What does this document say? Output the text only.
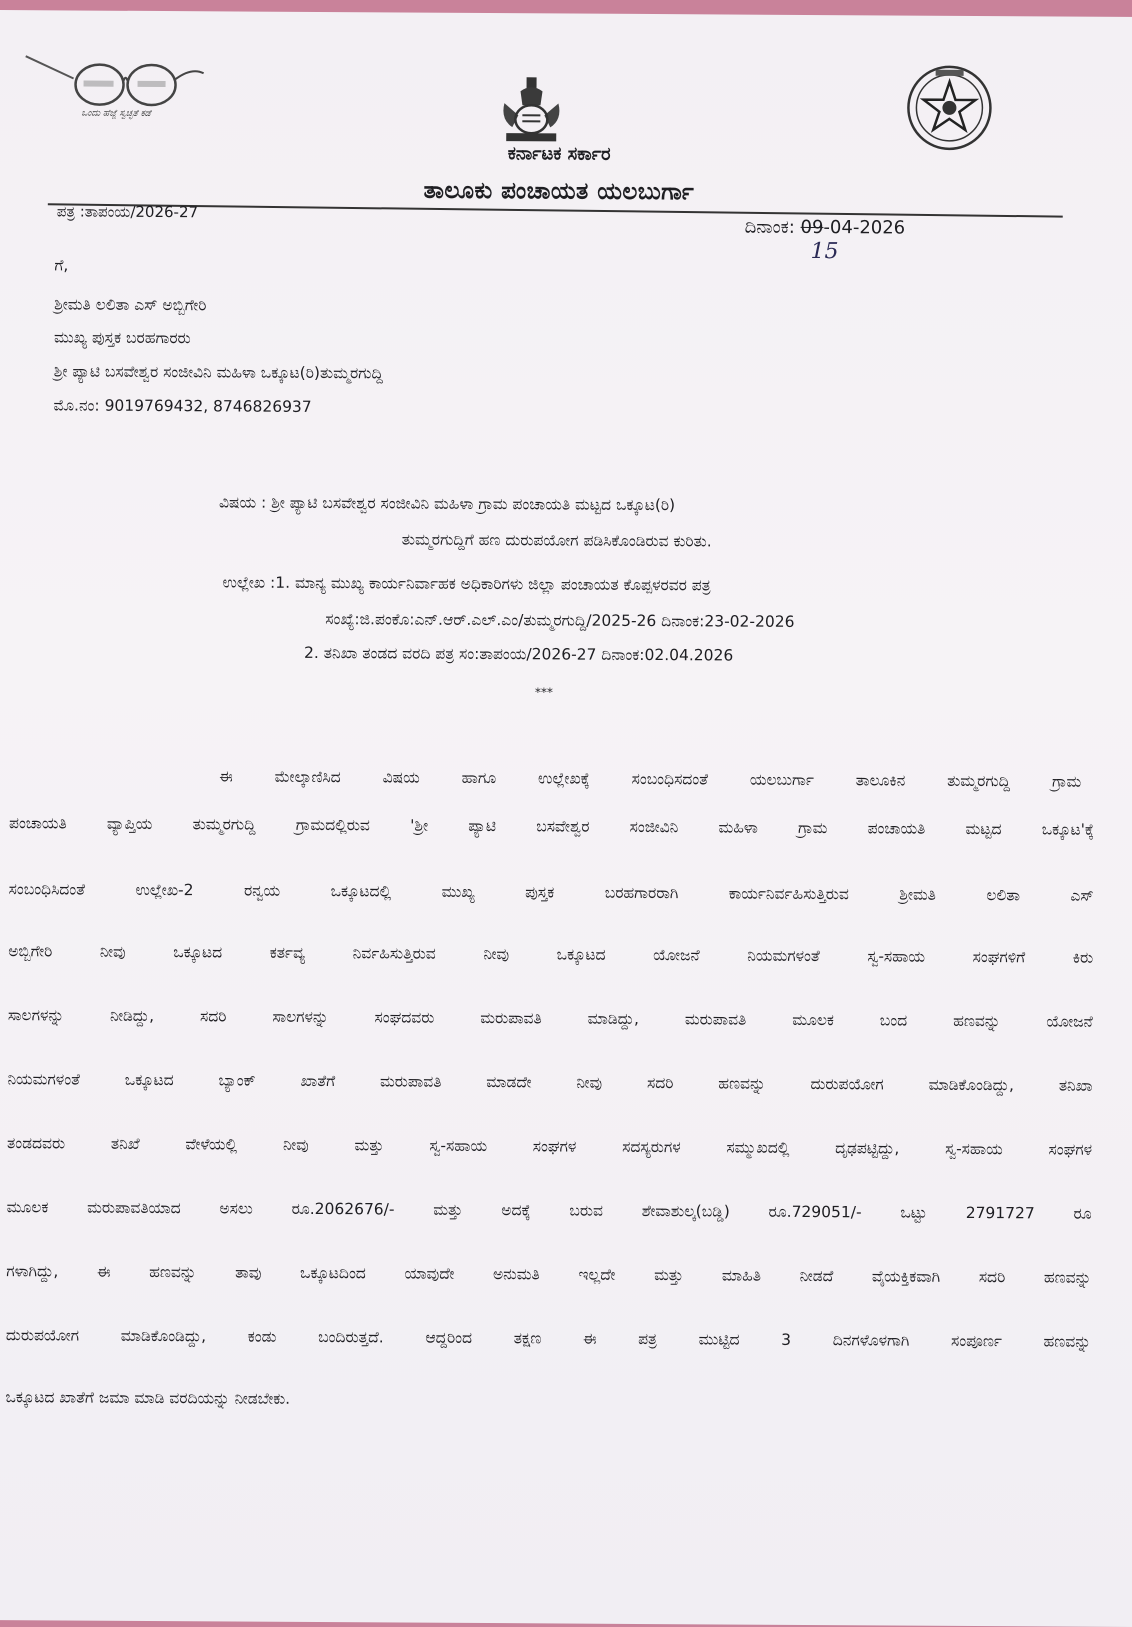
ಒಂದು ಹೆಜ್ಜೆ ಸ್ವಚ್ಛತೆ ಕಡೆ
ಕರ್ನಾಟಕ ಸರ್ಕಾರ
ತಾಲೂಕು ಪಂಚಾಯತ ಯಲಬುರ್ಗಾ
ಪತ್ರ :ತಾಪಂಯ/2026-27
ದಿನಾಂಕ: 09-04-2026
15
ಗೆ,
ಶ್ರೀಮತಿ ಲಲಿತಾ ಎಸ್ ಅಬ್ಬಿಗೇರಿ
ಮುಖ್ಯ ಪುಸ್ತಕ ಬರಹಗಾರರು
ಶ್ರೀ ಪ್ಯಾಟಿ ಬಸವೇಶ್ವರ ಸಂಜೀವಿನಿ ಮಹಿಳಾ ಒಕ್ಕೂಟ(ರಿ)ತುಮ್ಮರಗುದ್ದಿ
ಮೊ.ನಂ: 9019769432, 8746826937
ವಿಷಯ : ಶ್ರೀ ಪ್ಯಾಟಿ ಬಸವೇಶ್ವರ ಸಂಜೀವಿನಿ ಮಹಿಳಾ ಗ್ರಾಮ ಪಂಚಾಯತಿ ಮಟ್ಟದ ಒಕ್ಕೂಟ(ರಿ)
ತುಮ್ಮರಗುದ್ದಿಗೆ ಹಣ ದುರುಪಯೋಗ ಪಡಿಸಿಕೊಂಡಿರುವ ಕುರಿತು.
ಉಲ್ಲೇಖ :1. ಮಾನ್ಯ ಮುಖ್ಯ ಕಾರ್ಯನಿರ್ವಾಹಕ ಅಧಿಕಾರಿಗಳು ಜಿಲ್ಲಾ ಪಂಚಾಯತ ಕೊಪ್ಪಳರವರ ಪತ್ರ
ಸಂಖ್ಯೆ:ಜಿ.ಪಂಕೊ:ಎನ್.ಆರ್.ಎಲ್.ಎಂ/ತುಮ್ಮರಗುದ್ದಿ/2025-26 ದಿನಾಂಕ:23-02-2026
2. ತನಿಖಾ ತಂಡದ ವರದಿ ಪತ್ರ ಸಂ:ತಾಪಂಯ/2026-27 ದಿನಾಂಕ:02.04.2026
***
ಈ ಮೇಲ್ಕಾಣಿಸಿದ ವಿಷಯ ಹಾಗೂ ಉಲ್ಲೇಖಕ್ಕೆ ಸಂಬಂಧಿಸದಂತೆ ಯಲಬುರ್ಗಾ ತಾಲೂಕಿನ ತುಮ್ಮರಗುದ್ದಿ ಗ್ರಾಮ
ಪಂಚಾಯತಿ ವ್ಯಾಪ್ತಿಯ ತುಮ್ಮರಗುದ್ದಿ ಗ್ರಾಮದಲ್ಲಿರುವ 'ಶ್ರೀ ಪ್ಯಾಟಿ ಬಸವೇಶ್ವರ ಸಂಜೀವಿನಿ ಮಹಿಳಾ ಗ್ರಾಮ ಪಂಚಾಯತಿ ಮಟ್ಟದ ಒಕ್ಕೂಟ'ಕ್ಕೆ
ಸಂಬಂಧಿಸಿದಂತೆ ಉಲ್ಲೇಖ-2 ರನ್ವಯ ಒಕ್ಕೂಟದಲ್ಲಿ ಮುಖ್ಯ ಪುಸ್ತಕ ಬರಹಗಾರರಾಗಿ ಕಾರ್ಯನಿರ್ವಹಿಸುತ್ತಿರುವ ಶ್ರೀಮತಿ ಲಲಿತಾ ಎಸ್
ಅಬ್ಬಿಗೇರಿ ನೀವು ಒಕ್ಕೂಟದ ಕರ್ತವ್ಯ ನಿರ್ವಹಿಸುತ್ತಿರುವ ನೀವು ಒಕ್ಕೂಟದ ಯೋಜನೆ ನಿಯಮಗಳಂತೆ ಸ್ವ-ಸಹಾಯ ಸಂಘಗಳಿಗೆ ಕಿರು
ಸಾಲಗಳನ್ನು ನೀಡಿದ್ದು, ಸದರಿ ಸಾಲಗಳನ್ನು ಸಂಘದವರು ಮರುಪಾವತಿ ಮಾಡಿದ್ದು, ಮರುಪಾವತಿ ಮೂಲಕ ಬಂದ ಹಣವನ್ನು ಯೋಜನೆ
ನಿಯಮಗಳಂತೆ ಒಕ್ಕೂಟದ ಬ್ಯಾಂಕ್ ಖಾತೆಗೆ ಮರುಪಾವತಿ ಮಾಡದೇ ನೀವು ಸದರಿ ಹಣವನ್ನು ದುರುಪಯೋಗ ಮಾಡಿಕೊಂಡಿದ್ದು, ತನಿಖಾ
ತಂಡದವರು ತನಿಖೆ ವೇಳೆಯಲ್ಲಿ ನೀವು ಮತ್ತು ಸ್ವ-ಸಹಾಯ ಸಂಘಗಳ ಸದಸ್ಯರುಗಳ ಸಮ್ಮುಖದಲ್ಲಿ ದೃಢಪಟ್ಟಿದ್ದು, ಸ್ವ-ಸಹಾಯ ಸಂಘಗಳ
ಮೂಲಕ ಮರುಪಾವತಿಯಾದ ಅಸಲು ರೂ.2062676/- ಮತ್ತು ಅದಕ್ಕೆ ಬರುವ ಶೇವಾಶುಲ್ಕ(ಬಡ್ಡಿ) ರೂ.729051/- ಒಟ್ಟು 2791727 ರೂ
ಗಳಾಗಿದ್ದು, ಈ ಹಣವನ್ನು ತಾವು ಒಕ್ಕೂಟದಿಂದ ಯಾವುದೇ ಅನುಮತಿ ಇಲ್ಲದೇ ಮತ್ತು ಮಾಹಿತಿ ನೀಡದೆ ವೈಯಕ್ತಿಕವಾಗಿ ಸದರಿ ಹಣವನ್ನು
ದುರುಪಯೋಗ ಮಾಡಿಕೊಂಡಿದ್ದು, ಕಂಡು ಬಂದಿರುತ್ತದೆ. ಆದ್ದರಿಂದ ತಕ್ಷಣ ಈ ಪತ್ರ ಮುಟ್ಟಿದ 3 ದಿನಗಳೊಳಗಾಗಿ ಸಂಪೂರ್ಣ ಹಣವನ್ನು
ಒಕ್ಕೂಟದ ಖಾತೆಗೆ ಜಮಾ ಮಾಡಿ ವರದಿಯನ್ನು ನೀಡಬೇಕು.
